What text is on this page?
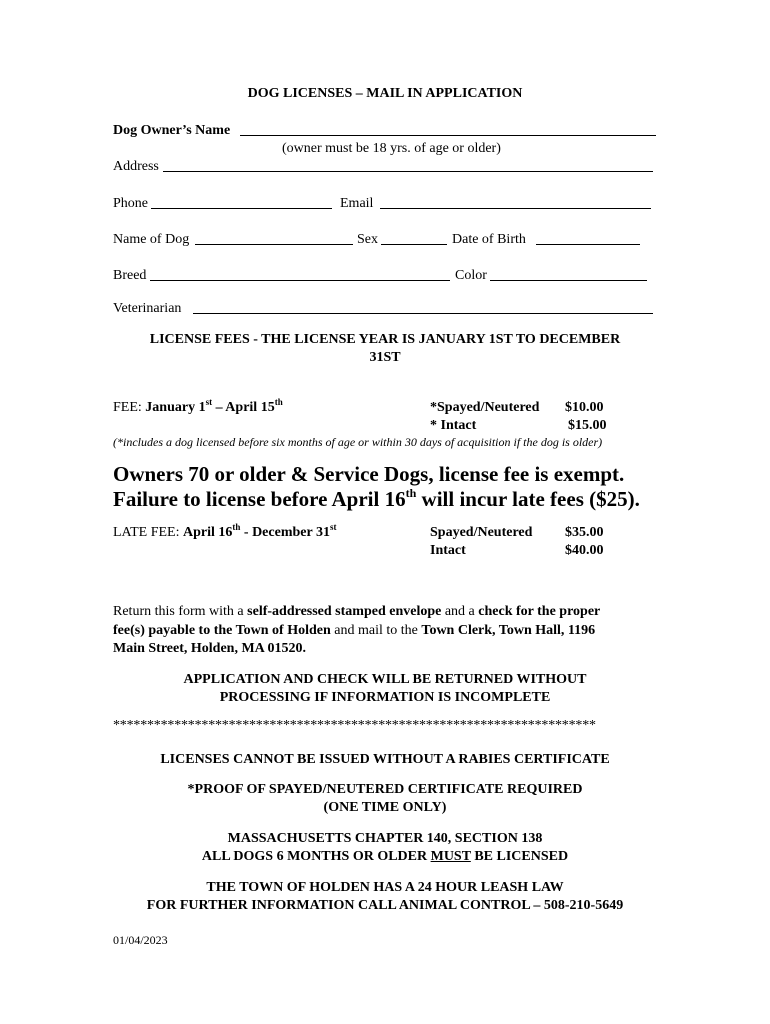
DOG LICENSES – MAIL IN APPLICATION
Dog Owner’s Name
(owner must be 18 yrs. of age or older)
Address
Phone	Email
Name of Dog	Sex	Date of Birth
Breed	Color
Veterinarian
LICENSE FEES - THE LICENSE YEAR IS JANUARY 1ST TO DECEMBER
31ST
FEE: January 1st – April 15th	*Spayed/Neutered $10.00
* Intact	$15.00
(*includes a dog licensed before six months of age or within 30 days of acquisition if the dog is older)
Owners 70 or older & Service Dogs, license fee is exempt.
Failure to license before April 16th will incur late fees ($25).
LATE FEE: April 16th - December 31st	Spayed/Neutered $35.00
Intact	$40.00
Return this form with a self-addressed stamped envelope and a check for the proper
fee(s) payable to the Town of Holden and mail to the Town Clerk, Town Hall, 1196
Main Street, Holden, MA 01520.
APPLICATION AND CHECK WILL BE RETURNED WITHOUT
PROCESSING IF INFORMATION IS INCOMPLETE
***********************************************************************
LICENSES CANNOT BE ISSUED WITHOUT A RABIES CERTIFICATE
*PROOF OF SPAYED/NEUTERED CERTIFICATE REQUIRED
(ONE TIME ONLY)
MASSACHUSETTS CHAPTER 140, SECTION 138
ALL DOGS 6 MONTHS OR OLDER MUST BE LICENSED
THE TOWN OF HOLDEN HAS A 24 HOUR LEASH LAW
FOR FURTHER INFORMATION CALL ANIMAL CONTROL – 508-210-5649
01/04/2023
